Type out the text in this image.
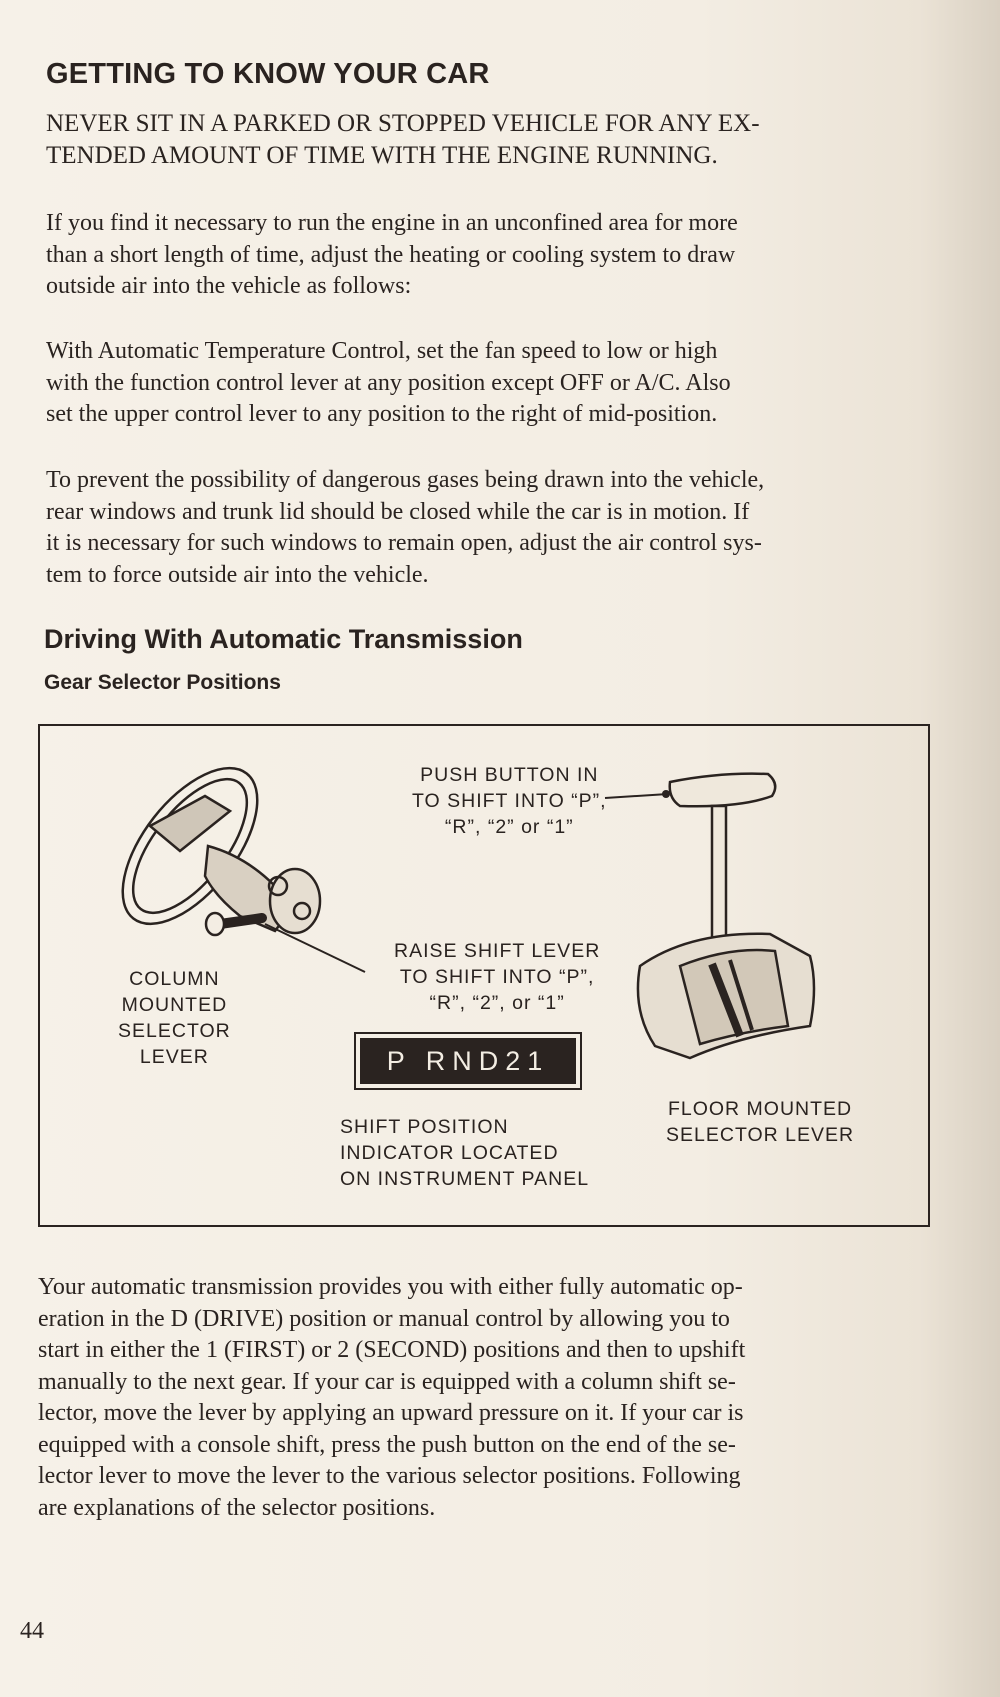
GETTING TO KNOW YOUR CAR
NEVER SIT IN A PARKED OR STOPPED VEHICLE FOR ANY EX-
TENDED AMOUNT OF TIME WITH THE ENGINE RUNNING.
If you find it necessary to run the engine in an unconfined area for more
than a short length of time, adjust the heating or cooling system to draw
outside air into the vehicle as follows:
With Automatic Temperature Control, set the fan speed to low or high
with the function control lever at any position except OFF or A/C. Also
set the upper control lever to any position to the right of mid-position.
To prevent the possibility of dangerous gases being drawn into the vehicle,
rear windows and trunk lid should be closed while the car is in motion. If
it is necessary for such windows to remain open, adjust the air control sys-
tem to force outside air into the vehicle.
Driving With Automatic Transmission
Gear Selector Positions
PUSH BUTTON IN
TO SHIFT INTO “P”,
“R”, “2” or “1”
RAISE SHIFT LEVER
TO SHIFT INTO “P”,
“R”, “2”, or “1”
COLUMN
MOUNTED
SELECTOR
LEVER	P RND21
SHIFT POSITION
INDICATOR LOCATED
ON INSTRUMENT PANEL
FLOOR MOUNTED
SELECTOR LEVER
Your automatic transmission provides you with either fully automatic op-
eration in the D (DRIVE) position or manual control by allowing you to
start in either the 1 (FIRST) or 2 (SECOND) positions and then to upshift
manually to the next gear. If your car is equipped with a column shift se-
lector, move the lever by applying an upward pressure on it. If your car is
equipped with a console shift, press the push button on the end of the se-
lector lever to move the lever to the various selector positions. Following
are explanations of the selector positions.
44
